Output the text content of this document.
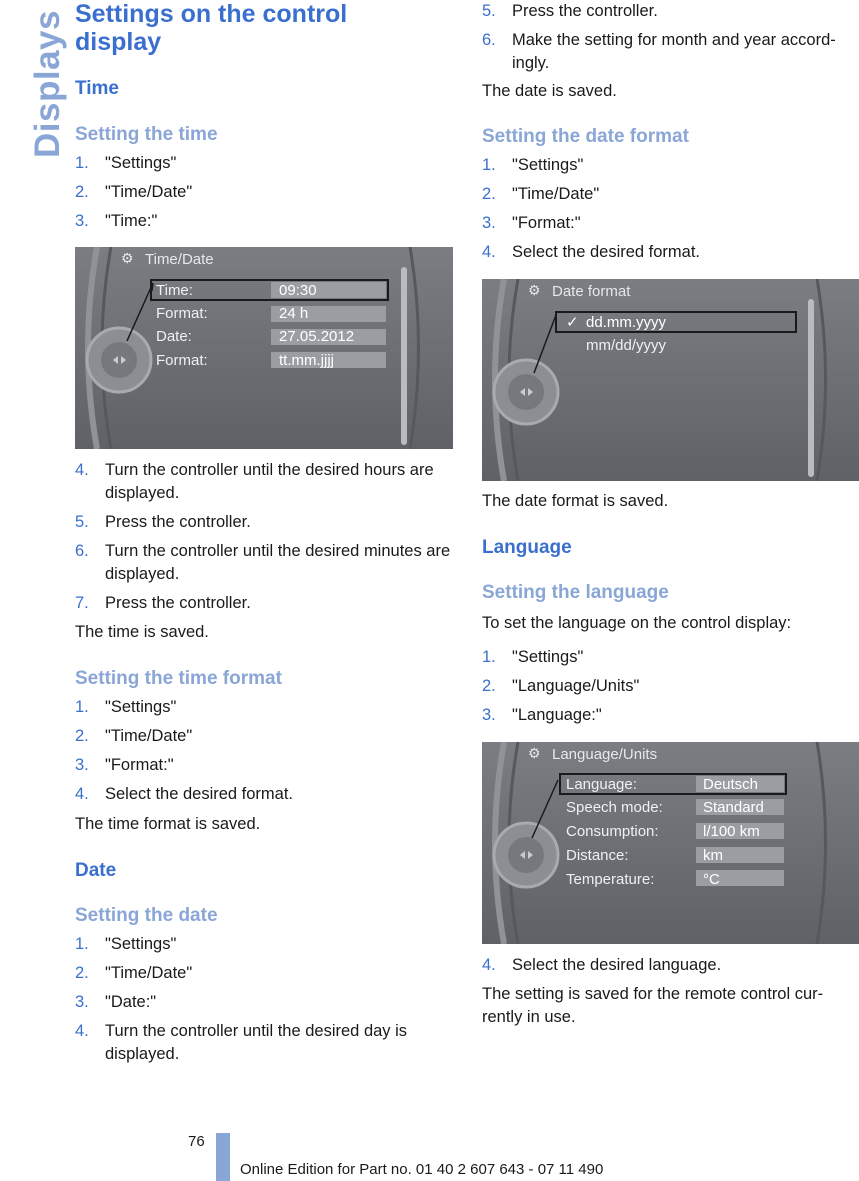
Displays Settings on the control display
Time
Setting the time
1. "Settings"
2. "Time/Date"
3. "Time:"
⚙ Time/Date
Time:
Format:
Date:
Format:
09:30
24 h
27.05.2012
tt.mm.jjjj
4. Turn the controller until the desired hours are displayed.
5. Press the controller.
6. Turn the controller until the desired minutes are displayed.
7. Press the controller.

The time is saved.

Setting the time format
1. "Settings"
2. "Time/Date"
3. "Format:"
4. Select the desired format.

The time format is saved.

Date
Setting the date
1. "Settings"
2. "Time/Date"
3. "Date:"
4. Turn the controller until the desired day is displayed.
5. Press the controller.
6. Make the setting for month and year accord‐ingly.

The date is saved.

Setting the date format
1. "Settings"
2. "Time/Date"
3. "Format:"
4. Select the desired format.
⚙ Date format
✓ dd.mm.yyyy
mm/dd/yyyy

The date format is saved.

Language
Setting the language

To set the language on the control display:

1. "Settings"
2. "Language/Units"
3. "Language:"
⚙ Language/Units
Language:
Speech mode:
Consumption:
Distance:
Temperature:
Deutsch
Standard
l/100 km
km
°C
4. Select the desired language.

The setting is saved for the remote control cur‐rently in use.

76
Online Edition for Part no. 01 40 2 607 643 - 07 11 490
